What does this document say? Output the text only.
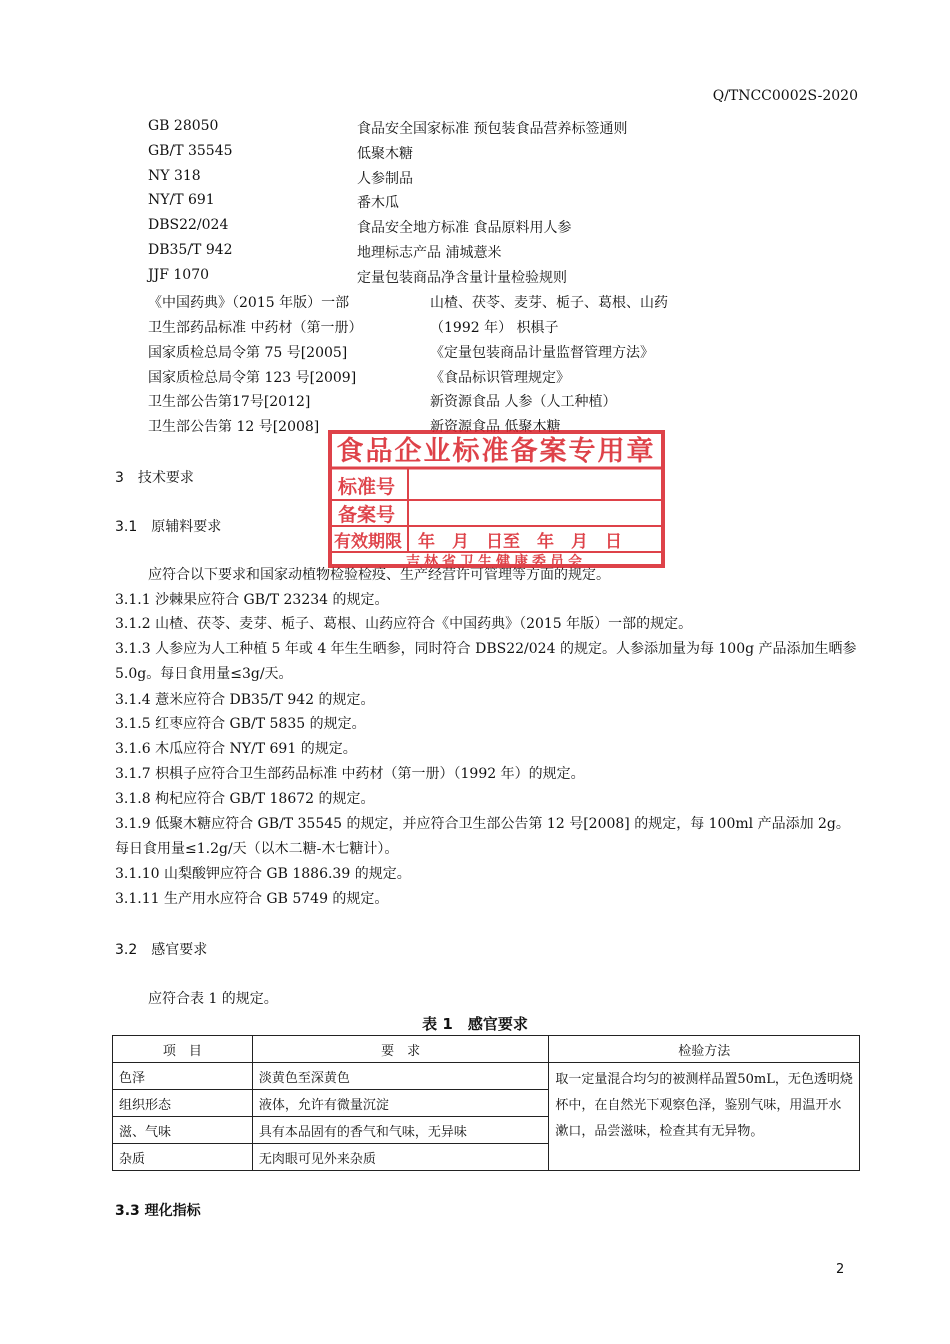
Q/TNCC0002S-2020
GB 28050	食品安全国家标准 预包装食品营养标签通则
GB/T 35545	低聚木糖
NY 318	人参制品
NY/T 691	番木瓜
DBS22/024	食品安全地方标准 食品原料用人参
DB35/T 942	地理标志产品 浦城薏米
JJF 1070	定量包装商品净含量计量检验规则
《中国药典》（2015 年版）一部	山楂、茯苓、麦芽、栀子、葛根、山药
卫生部药品标准 中药材（第一册）	（1992 年） 枳椇子
国家质检总局令第 75 号[2005]	《定量包装商品计量监督管理方法》
国家质检总局令第 123 号[2009]	《食品标识管理规定》
卫生部公告第17号[2012]	新资源食品 人参（人工种植）
卫生部公告第 12 号[2008]	新资源食品 低聚木糖
3 技术要求
3.1 原辅料要求
应符合以下要求和国家动植物检验检疫、生产经营许可管理等方面的规定。
3.1.1 沙棘果应符合 GB/T 23234 的规定。
3.1.2 山楂、茯苓、麦芽、栀子、葛根、山药应符合《中国药典》（2015 年版）一部的规定。
3.1.3 人参应为人工种植 5 年或 4 年生生晒参，同时符合 DBS22/024 的规定。人参添加量为每 100g 产品添加生晒参 5.0g。每日食用量≤3g/天。
3.1.4 薏米应符合 DB35/T 942 的规定。
3.1.5 红枣应符合 GB/T 5835 的规定。
3.1.6 木瓜应符合 NY/T 691 的规定。
3.1.7 枳椇子应符合卫生部药品标准 中药材（第一册）（1992 年）的规定。
3.1.8 枸杞应符合 GB/T 18672 的规定。
3.1.9 低聚木糖应符合 GB/T 35545 的规定，并应符合卫生部公告第 12 号[2008] 的规定，每 100ml 产品添加 2g。每日食用量≤1.2g/天（以木二糖-木七糖计）。
3.1.10 山梨酸钾应符合 GB 1886.39 的规定。
3.1.11 生产用水应符合 GB 5749 的规定。
3.2 感官要求
应符合表 1 的规定。
表 1　感官要求
项　目	要　求	检验方法
色泽	淡黄色至深黄色	取一定量混合均匀的被测样品置50mL，无色透明烧杯中，在自然光下观察色泽，鉴别气味，用温开水漱口，品尝滋味，检查其有无异物。
组织形态	液体，允许有微量沉淀	
滋、气味	具有本品固有的香气和气味，无异味	
杂质	无肉眼可见外来杂质	
3.3 理化指标
2
食品企业标准备案专用章
标准号
备案号
有效期限 年　月　日至　年　月　日
吉林省卫生健康委员会
